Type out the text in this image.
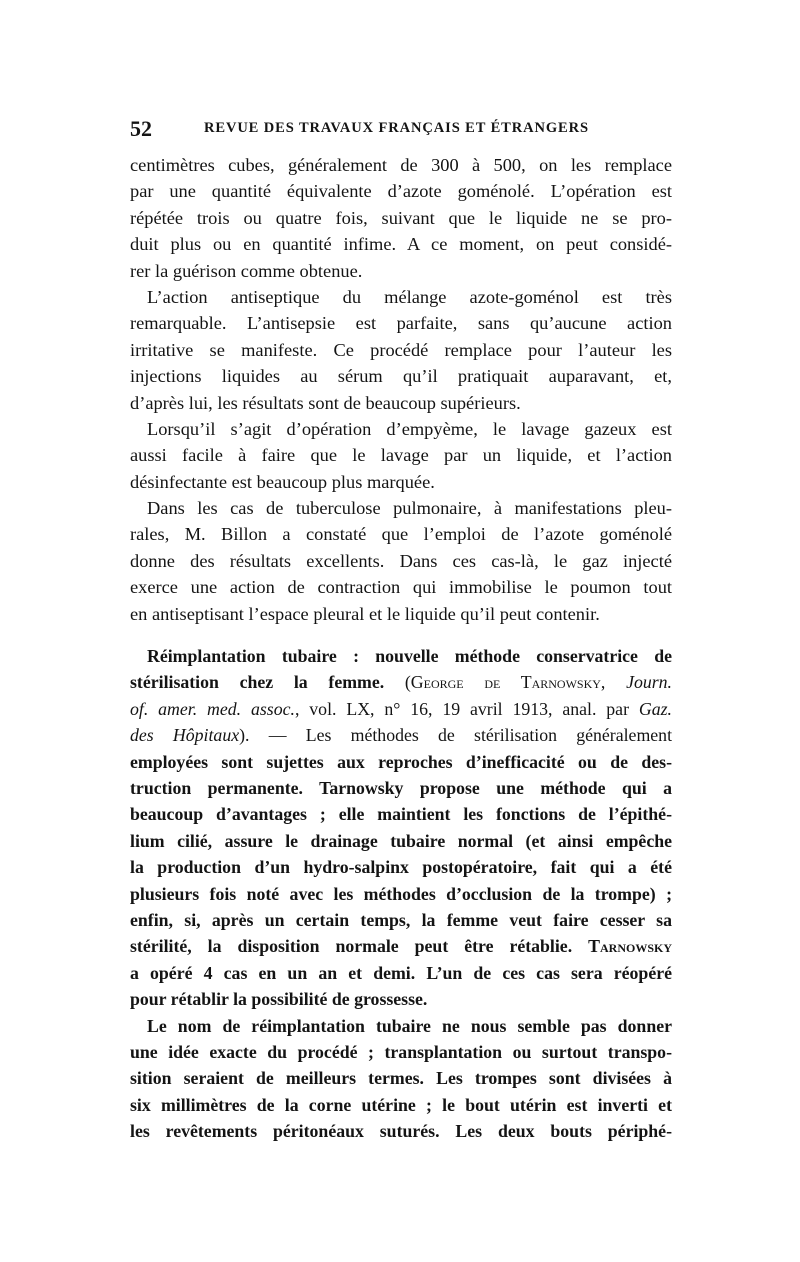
52	REVUE DES TRAVAUX FRANÇAIS ET ÉTRANGERS
centimètres cubes, généralement de 300 à 500, on les remplace
par une quantité équivalente d’azote goménolé. L’opération est
répétée trois ou quatre fois, suivant que le liquide ne se pro-
duit plus ou en quantité infime. A ce moment, on peut considé-
rer la guérison comme obtenue.
L’action antiseptique du mélange azote-goménol est très
remarquable. L’antisepsie est parfaite, sans qu’aucune action
irritative se manifeste. Ce procédé remplace pour l’auteur les
injections liquides au sérum qu’il pratiquait auparavant, et,
d’après lui, les résultats sont de beaucoup supérieurs.
Lorsqu’il s’agit d’opération d’empyème, le lavage gazeux est
aussi facile à faire que le lavage par un liquide, et l’action
désinfectante est beaucoup plus marquée.
Dans les cas de tuberculose pulmonaire, à manifestations pleu-
rales, M. Billon a constaté que l’emploi de l’azote goménolé
donne des résultats excellents. Dans ces cas-là, le gaz injecté
exerce une action de contraction qui immobilise le poumon tout
en antiseptisant l’espace pleural et le liquide qu’il peut contenir.
Réimplantation tubaire : nouvelle méthode conservatrice de
stérilisation chez la femme. (George de Tarnowsky, Journ.
of. amer. med. assoc., vol. LX, n° 16, 19 avril 1913, anal. par Gaz.
des Hôpitaux). — Les méthodes de stérilisation généralement
employées sont sujettes aux reproches d’inefficacité ou de des-
truction permanente. Tarnowsky propose une méthode qui a
beaucoup d’avantages ; elle maintient les fonctions de l’épithé-
lium cilié, assure le drainage tubaire normal (et ainsi empêche
la production d’un hydro-salpinx postopératoire, fait qui a été
plusieurs fois noté avec les méthodes d’occlusion de la trompe) ;
enfin, si, après un certain temps, la femme veut faire cesser sa
stérilité, la disposition normale peut être rétablie. Tarnowsky
a opéré 4 cas en un an et demi. L’un de ces cas sera réopéré
pour rétablir la possibilité de grossesse.
Le nom de réimplantation tubaire ne nous semble pas donner
une idée exacte du procédé ; transplantation ou surtout transpo-
sition seraient de meilleurs termes. Les trompes sont divisées à
six millimètres de la corne utérine ; le bout utérin est inverti et
les revêtements péritonéaux suturés. Les deux bouts périphé-
